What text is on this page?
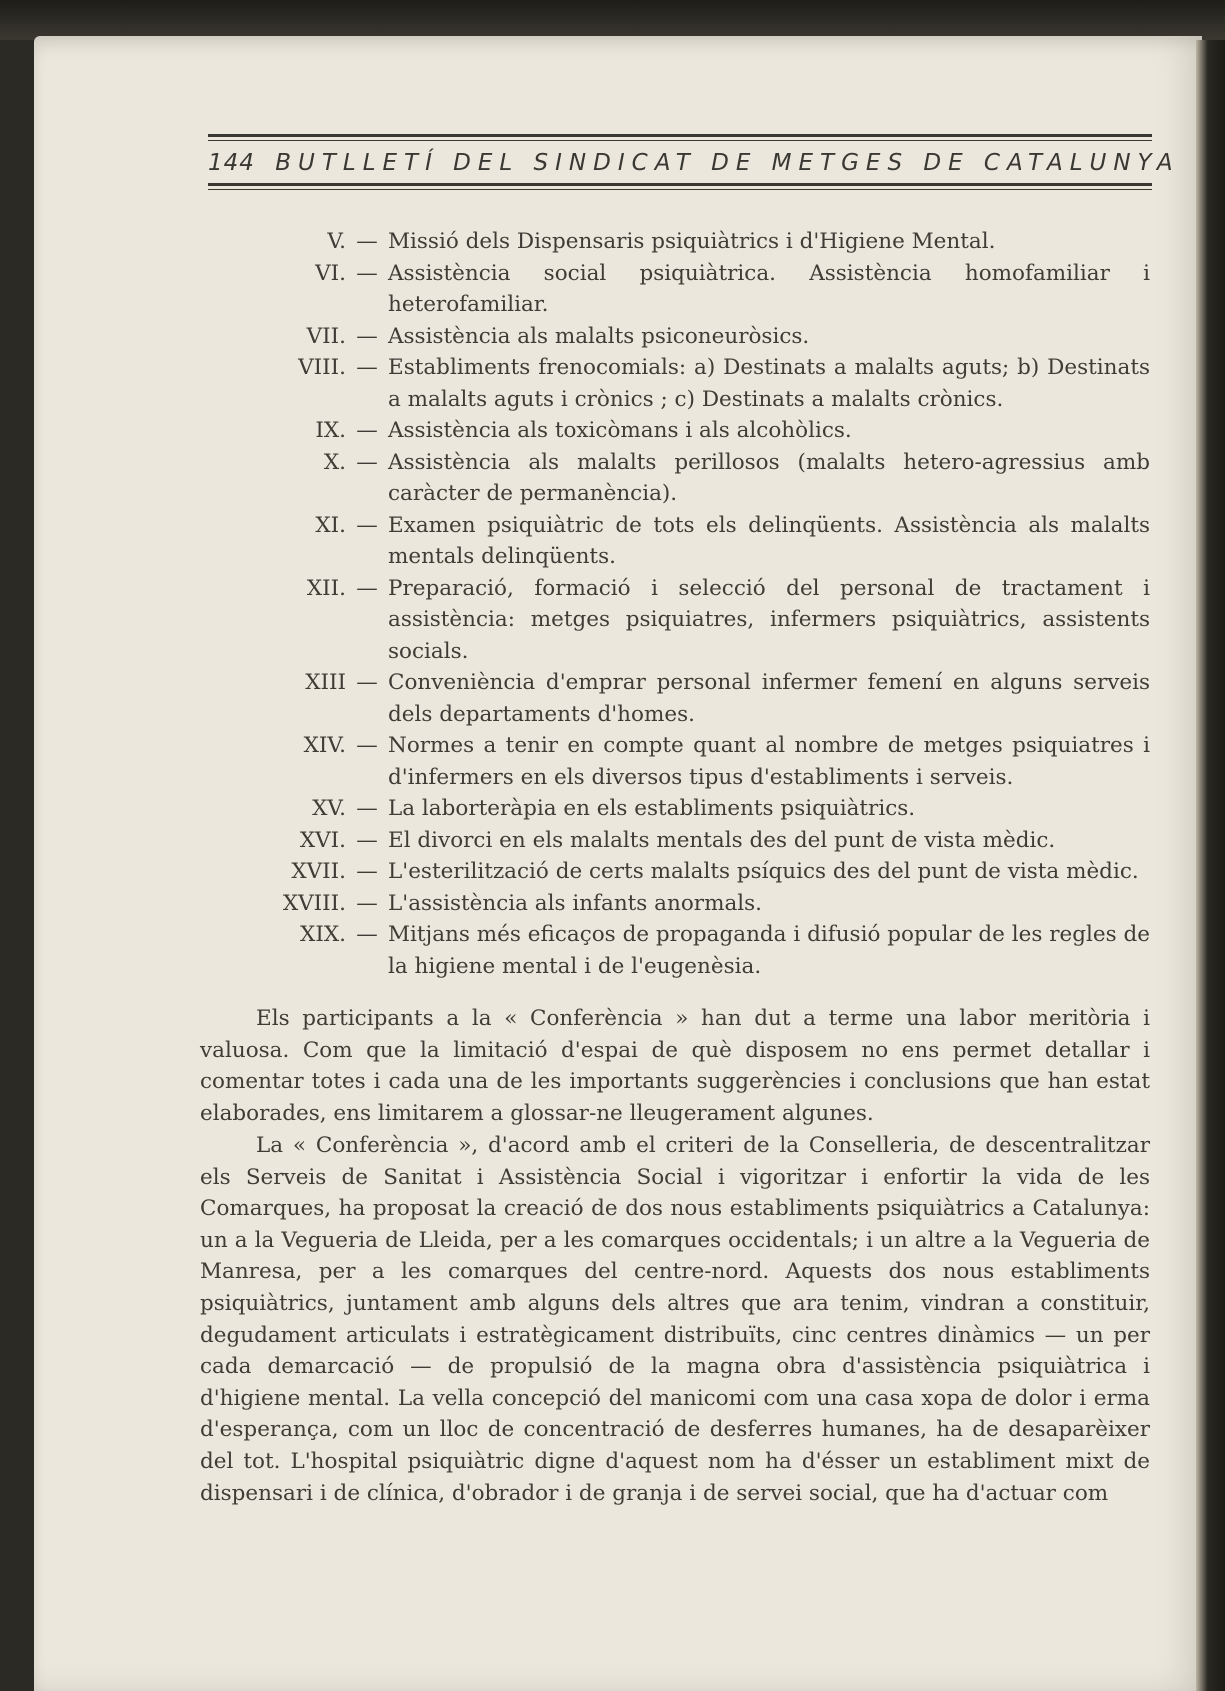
144 BUTLLETÍ DEL SINDICAT DE METGES DE CATALUNYA
V. — Missió dels Dispensaris psiquiàtrics i d'Higiene Mental.
VI. — Assistència social psiquiàtrica. Assistència homofamiliar i heterofamiliar.
VII. — Assistència als malalts psiconeuròsics.
VIII. — Establiments frenocomials: a) Destinats a malalts aguts; b) Destinats a malalts aguts i crònics ; c) Destinats a malalts crònics.
IX. — Assistència als toxicòmans i als alcohòlics.
X. — Assistència als malalts perillosos (malalts hetero-agressius amb caràcter de permanència).
XI. — Examen psiquiàtric de tots els delinqüents. Assistència als malalts mentals delinqüents.
XII. — Preparació, formació i selecció del personal de tractament i assistència: metges psiquiatres, infermers psiquiàtrics, assistents socials.
XIII — Conveniència d'emprar personal infermer femení en alguns serveis dels departaments d'homes.
XIV. — Normes a tenir en compte quant al nombre de metges psiquiatres i d'infermers en els diversos tipus d'establiments i serveis.
XV. — La laborteràpia en els establiments psiquiàtrics.
XVI. — El divorci en els malalts mentals des del punt de vista mèdic.
XVII. — L'esterilització de certs malalts psíquics des del punt de vista mèdic.
XVIII. — L'assistència als infants anormals.
XIX. — Mitjans més eficaços de propaganda i difusió popular de les regles de la higiene mental i de l'eugenèsia.

Els participants a la « Conferència » han dut a terme una labor meritòria i valuosa. Com que la limitació d'espai de què disposem no ens permet detallar i comentar totes i cada una de les importants suggerències i conclusions que han estat elaborades, ens limitarem a glossar-ne lleugerament algunes.

La « Conferència », d'acord amb el criteri de la Conselleria, de descentralitzar els Serveis de Sanitat i Assistència Social i vigoritzar i enfortir la vida de les Comarques, ha proposat la creació de dos nous establiments psiquiàtrics a Catalunya: un a la Vegueria de Lleida, per a les comarques occidentals; i un altre a la Vegueria de Manresa, per a les comarques del centre-nord. Aquests dos nous establiments psiquiàtrics, juntament amb alguns dels altres que ara tenim, vindran a constituir, degudament articulats i estratègicament distribuïts, cinc centres dinàmics — un per cada demarcació — de propulsió de la magna obra d'assistència psiquiàtrica i d'higiene mental. La vella concepció del manicomi com una casa xopa de dolor i erma d'esperança, com un lloc de concentració de desferres humanes, ha de desaparèixer del tot. L'hospital psiquiàtric digne d'aquest nom ha d'ésser un establiment mixt de dispensari i de clínica, d'obrador i de granja i de servei social, que ha d'actuar com
